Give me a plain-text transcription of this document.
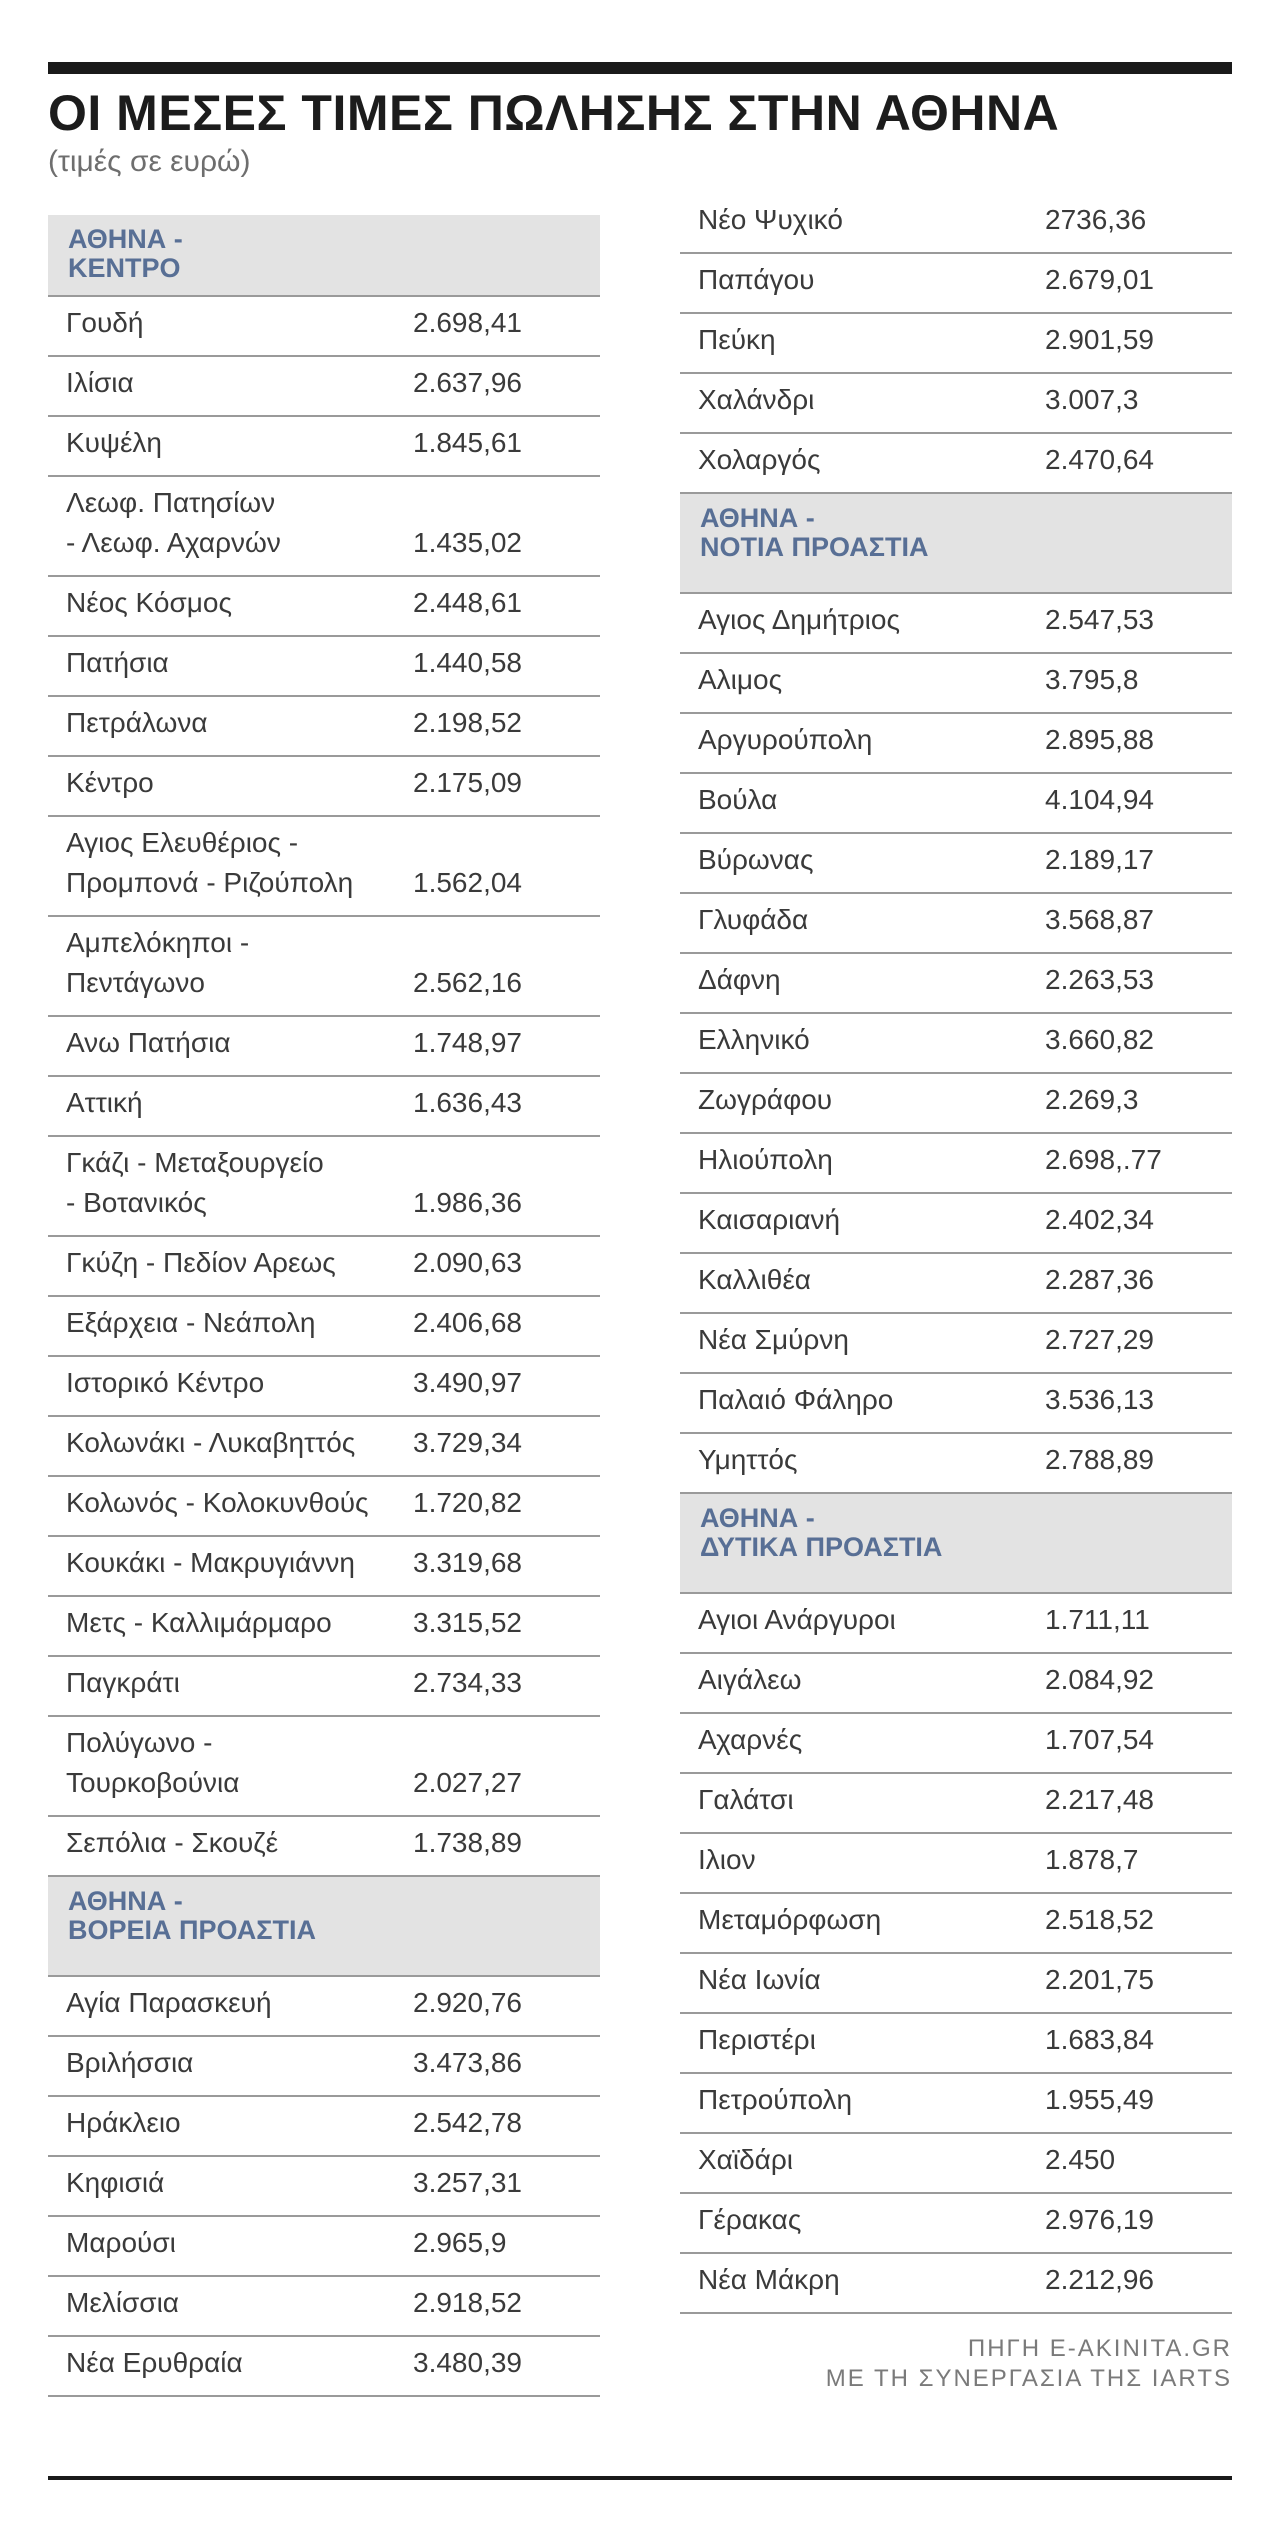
ΟΙ ΜΕΣΕΣ ΤΙΜΕΣ ΠΩΛΗΣΗΣ ΣΤΗΝ ΑΘΗΝΑ
(τιμές σε ευρώ)
ΑΘΗΝΑ -
ΚΕΝΤΡΟ
Γουδή	2.698,41
Ιλίσια	2.637,96
Κυψέλη	1.845,61
Λεωφ. Πατησίων
- Λεωφ. Αχαρνών	1.435,02
Νέος Κόσμος	2.448,61
Πατήσια	1.440,58
Πετράλωνα	2.198,52
Κέντρο	2.175,09
Αγιος Ελευθέριος -
Προμπονά - Ριζούπολη	1.562,04
Αμπελόκηποι -
Πεντάγωνο	2.562,16
Ανω Πατήσια	1.748,97
Αττική	1.636,43
Γκάζι - Μεταξουργείο
- Βοτανικός	1.986,36
Γκύζη - Πεδίον Αρεως	2.090,63
Εξάρχεια - Νεάπολη	2.406,68
Ιστορικό Κέντρο	3.490,97
Κολωνάκι - Λυκαβηττός	3.729,34
Κολωνός - Κολοκυνθούς	1.720,82
Κουκάκι - Μακρυγιάννη	3.319,68
Μετς - Καλλιμάρμαρο	3.315,52
Παγκράτι	2.734,33
Πολύγωνο -
Τουρκοβούνια	2.027,27
Σεπόλια - Σκουζέ	1.738,89
ΑΘΗΝΑ -
ΒΟΡΕΙΑ ΠΡΟΑΣΤΙΑ
Αγία Παρασκευή	2.920,76
Βριλήσσια	3.473,86
Ηράκλειο	2.542,78
Κηφισιά	3.257,31
Μαρούσι	2.965,9
Μελίσσια	2.918,52
Νέα Ερυθραία	3.480,39
Νέο Ψυχικό	2736,36
Παπάγου	2.679,01
Πεύκη	2.901,59
Χαλάνδρι	3.007,3
Χολαργός	2.470,64
ΑΘΗΝΑ -
ΝΟΤΙΑ ΠΡΟΑΣΤΙΑ
Αγιος Δημήτριος	2.547,53
Αλιμος	3.795,8
Αργυρούπολη	2.895,88
Βούλα	4.104,94
Βύρωνας	2.189,17
Γλυφάδα	3.568,87
Δάφνη	2.263,53
Ελληνικό	3.660,82
Ζωγράφου	2.269,3
Ηλιούπολη	2.698,.77
Καισαριανή	2.402,34
Καλλιθέα	2.287,36
Νέα Σμύρνη	2.727,29
Παλαιό Φάληρο	3.536,13
Υμηττός	2.788,89
ΑΘΗΝΑ -
ΔΥΤΙΚΑ ΠΡΟΑΣΤΙΑ
Αγιοι Ανάργυροι	1.711,11
Αιγάλεω	2.084,92
Αχαρνές	1.707,54
Γαλάτσι	2.217,48
Ιλιον	1.878,7
Μεταμόρφωση	2.518,52
Νέα Ιωνία	2.201,75
Περιστέρι	1.683,84
Πετρούπολη	1.955,49
Χαϊδάρι	2.450
Γέρακας	2.976,19
Νέα Μάκρη	2.212,96
ΠΗΓΗ E-AKINITA.GR
ΜΕ ΤΗ ΣΥΝΕΡΓΑΣΙΑ ΤΗΣ IARTS
